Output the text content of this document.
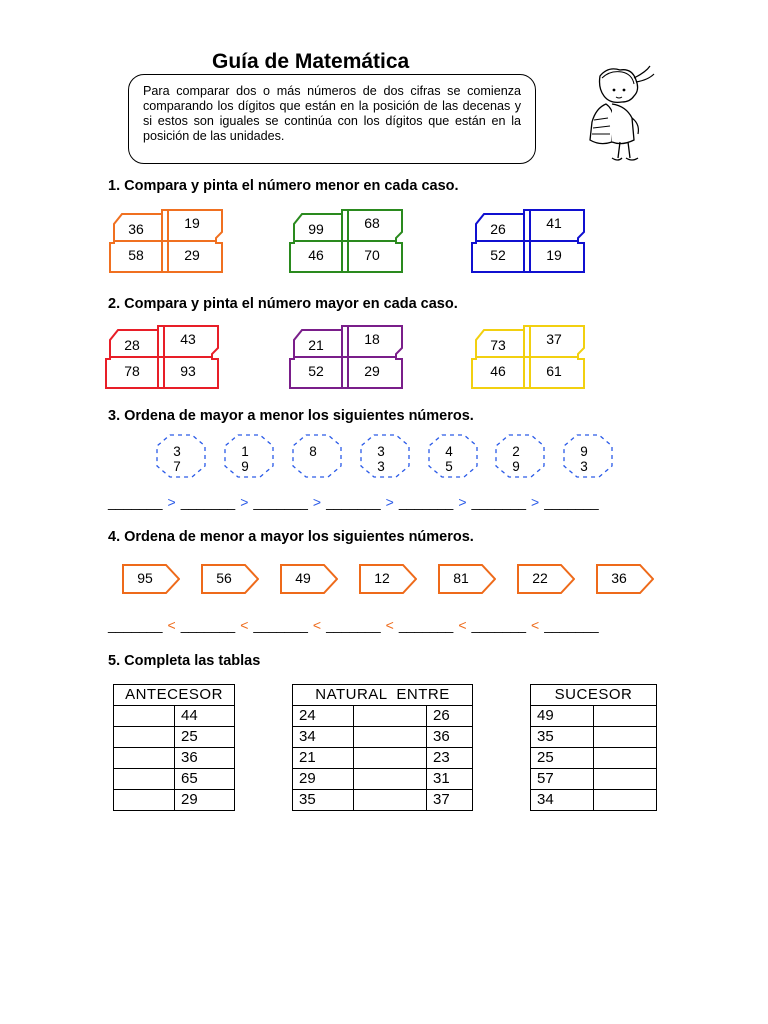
Guía de Matemática
Para comparar dos o más números de dos cifras se comienza comparando los dígitos que están en la posición de las decenas y si estos son iguales se continúa con los dígitos que están en la posición de las unidades.
1. Compara y pinta el número menor en cada caso.
2. Compara y pinta el número mayor en cada caso.
3. Ordena de mayor a menor los siguientes números.
4. Ordena de menor a mayor los siguientes números.
5. Completa las tablas
36	19
58	29
99	68
46	70
26	41
52	19
28	43
78	93
21	18
52	29
73	37
46	61
3
7
1
9
8	3
3
4
5
2
9
9
3
95	56	49	12	81	22	36
_______ > _______ > _______ > _______ > _______ > _______ > _______
_______ < _______ < _______ < _______ < _______ < _______ < _______
ANTECESOR	
	44
	25
	36
	65
	29
NATURAL  ENTRE		
24		26
34		36
21		23
29		31
35		37
SUCESOR	
49	
35	
25	
57	
34	
